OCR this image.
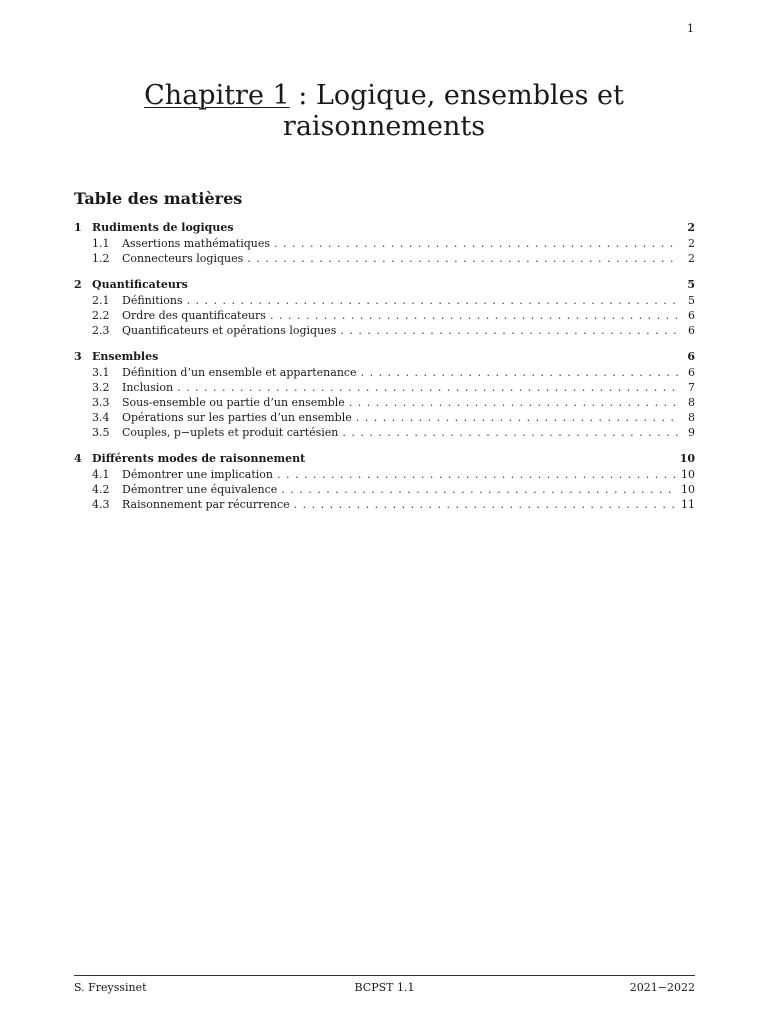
1
Chapitre 1 : Logique, ensembles et
raisonnements
Table des matières
1 Rudiments de logiques	2
1.1	Assertions mathématiques . . .	2
1.2	Connecteurs logiques . . .	2
2 Quantificateurs	5
2.1	Définitions . . .	5
2.2	Ordre des quantificateurs . . .	6
2.3	Quantificateurs et opérations logiques . . .	6
3 Ensembles	6
3.1	Définition d’un ensemble et appartenance . . .	6
3.2	Inclusion . . .	7
3.3	Sous-ensemble ou partie d’un ensemble . . .	8
3.4	Opérations sur les parties d’un ensemble . . .	8
3.5	Couples, p−uplets et produit cartésien . . .	9
4 Différents modes de raisonnement	10
4.1	Démontrer une implication . . .	10
4.2	Démontrer une équivalence . . .	10
4.3	Raisonnement par récurrence . . .	11
S. Freyssinet	BCPST 1.1	2021−2022
